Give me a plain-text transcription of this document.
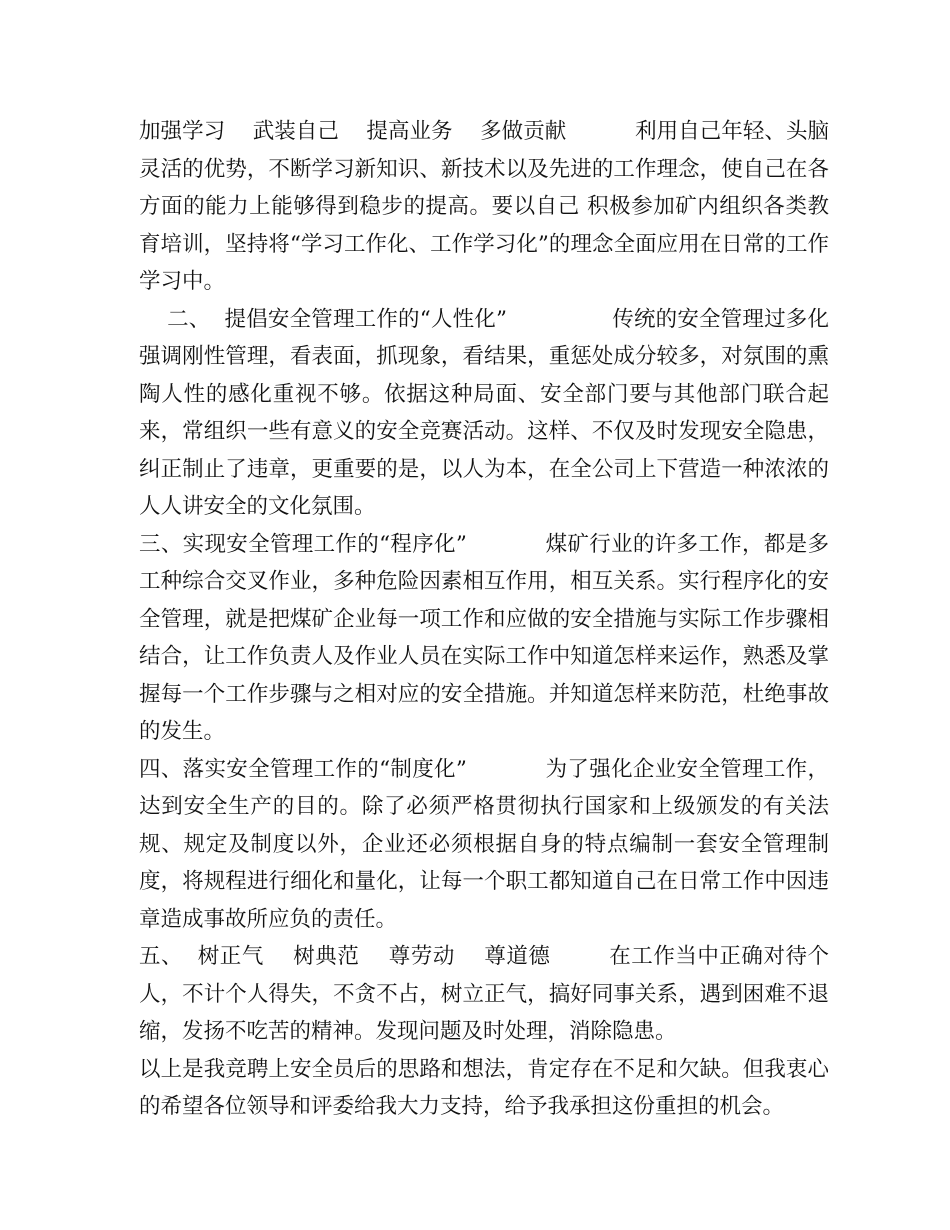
加强学习    武装自己    提高业务    多做贡献          利用自己年轻、头脑灵活的优势，不断学习新知识、新技术以及先进的工作理念，使自己在各方面的能力上能够得到稳步的提高。要以自己 积极参加矿内组织各类教育培训，坚持将“学习工作化、工作学习化”的理念全面应用在日常的工作学习中。

二、  提倡安全管理工作的“人性化”               传统的安全管理过多化强调刚性管理，看表面，抓现象，看结果，重惩处成分较多，对氛围的熏陶人性的感化重视不够。依据这种局面、安全部门要与其他部门联合起来，常组织一些有意义的安全竞赛活动。这样、不仅及时发现安全隐患，纠正制止了违章，更重要的是，以人为本，在全公司上下营造一种浓浓的人人讲安全的文化氛围。

三、实现安全管理工作的“程序化”           煤矿行业的许多工作，都是多工种综合交叉作业，多种危险因素相互作用，相互关系。实行程序化的安全管理，就是把煤矿企业每一项工作和应做的安全措施与实际工作步骤相结合，让工作负责人及作业人员在实际工作中知道怎样来运作，熟悉及掌握每一个工作步骤与之相对应的安全措施。并知道怎样来防范，杜绝事故的发生。

四、落实安全管理工作的“制度化”           为了强化企业安全管理工作，达到安全生产的目的。除了必须严格贯彻执行国家和上级颁发的有关法规、规定及制度以外，企业还必须根据自身的特点编制一套安全管理制度，将规程进行细化和量化，让每一个职工都知道自己在日常工作中因违章造成事故所应负的责任。

五、  树正气    树典范    尊劳动    尊道德        在工作当中正确对待个人，不计个人得失，不贪不占，树立正气，搞好同事关系，遇到困难不退缩，发扬不吃苦的精神。发现问题及时处理，消除隐患。

以上是我竞聘上安全员后的思路和想法，肯定存在不足和欠缺。但我衷心的希望各位领导和评委给我大力支持，给予我承担这份重担的机会。
